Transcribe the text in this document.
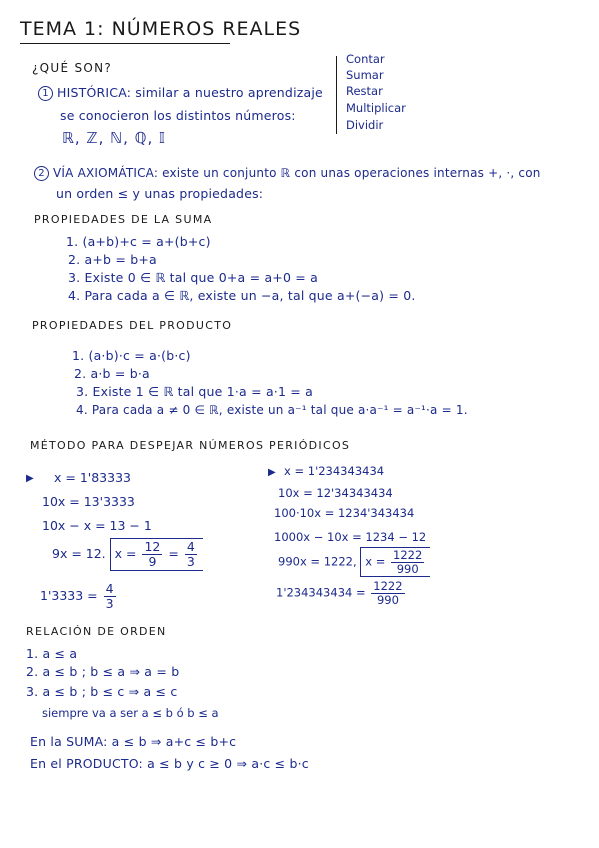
TEMA 1: NÚMEROS REALES
¿QUÉ SON?
1 HISTÓRICA: similar a nuestro aprendizaje
se conocieron los distintos números:
ℝ, ℤ, ℕ, ℚ, 𝕀
Contar
Sumar
Restar
Multiplicar
Dividir
2 VÍA AXIOMÁTICA: existe un conjunto ℝ con unas operaciones internas +, ·, con
un orden ≤ y unas propiedades:
PROPIEDADES DE LA SUMA
1. (a+b)+c = a+(b+c)
2. a+b = b+a
3. Existe 0 ∈ ℝ tal que 0+a = a+0 = a
4. Para cada a ∈ ℝ, existe un −a, tal que a+(−a) = 0.
PROPIEDADES DEL PRODUCTO
1. (a·b)·c = a·(b·c)
2. a·b = b·a
3. Existe 1 ∈ ℝ tal que 1·a = a·1 = a
4. Para cada a ≠ 0 ∈ ℝ, existe un a⁻¹ tal que a·a⁻¹ = a⁻¹·a = 1.
MÉTODO PARA DESPEJAR NÚMEROS PERIÓDICOS
▶ x = 1'83333
10x = 13'3333
10x − x = 13 − 1
9x = 12. $x = \frac{12}{9} = \frac{4}{3}$
$1'3333 = \frac{4}{3}$
▶ x = 1'234343434
10x = 12'34343434
100·10x = 1234'343434
1000x − 10x = 1234 − 12
990x = 1222, $x = \frac{1222}{990}$
$1'234343434 = \frac{1222}{990}$
RELACIÓN DE ORDEN
1. a ≤ a
2. a ≤ b ; b ≤ a ⇒ a = b
3. a ≤ b ; b ≤ c ⇒ a ≤ c
siempre va a ser a ≤ b ó b ≤ a
En la SUMA: a ≤ b ⇒ a+c ≤ b+c
En el PRODUCTO: a ≤ b y c ≥ 0 ⇒ a·c ≤ b·c
